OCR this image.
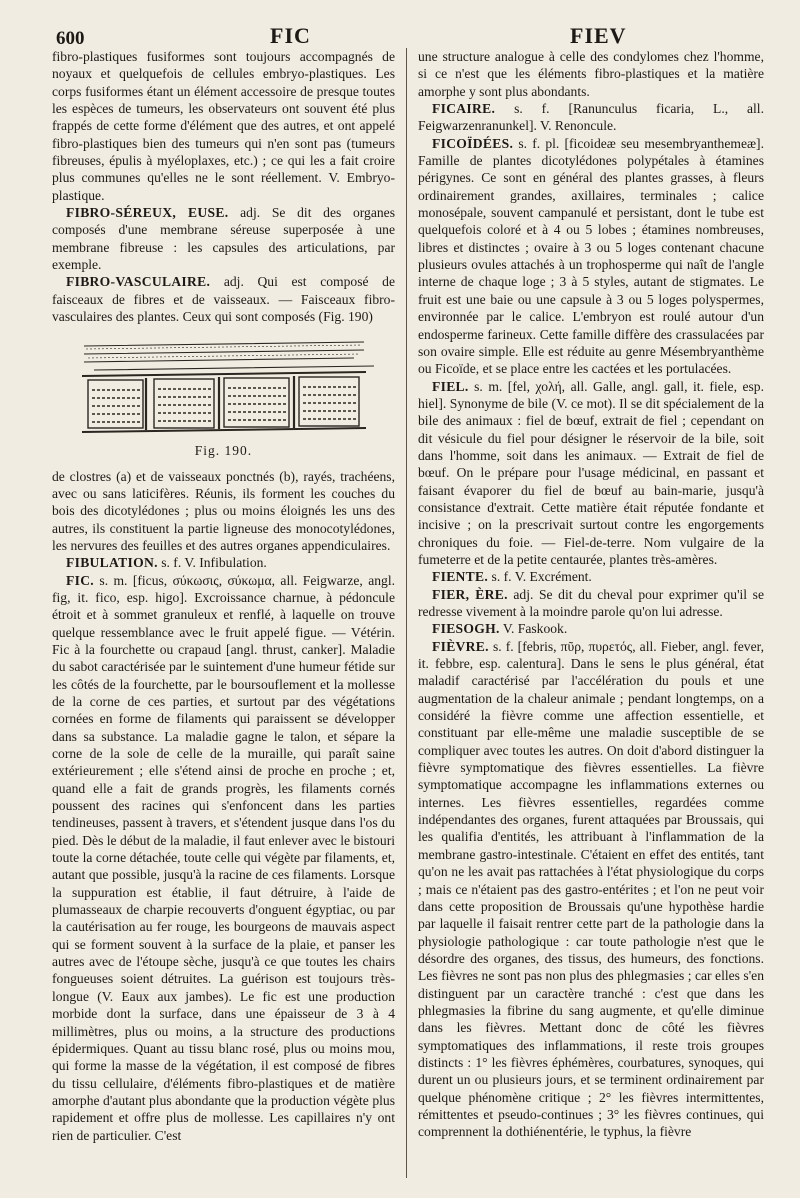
600	FIC	FIEV

fibro-plastiques fusiformes sont toujours accompagnés de noyaux et quelquefois de cellules embryo-plastiques. Les corps fusiformes étant un élément accessoire de presque toutes les espèces de tumeurs, les observateurs ont souvent été plus frappés de cette forme d'élément que des autres, et ont appelé fibro-plastiques bien des tumeurs qui n'en sont pas (tumeurs fibreuses, épulis à myéloplaxes, etc.) ; ce qui les a fait croire plus communes qu'elles ne le sont réellement. V. Embryo-plastique.

FIBRO-SÉREUX, EUSE. adj. Se dit des organes composés d'une membrane séreuse superposée à une membrane fibreuse : les capsules des articulations, par exemple.

FIBRO-VASCULAIRE. adj. Qui est composé de faisceaux de fibres et de vaisseaux. — Faisceaux fibro-vasculaires des plantes. Ceux qui sont composés (Fig. 190)

Fig. 190.

de clostres (a) et de vaisseaux ponctnés (b), rayés, trachéens, avec ou sans laticifères. Réunis, ils forment les couches du bois des dicotylédones ; plus ou moins éloignés les uns des autres, ils constituent la partie ligneuse des monocotylédones, les nervures des feuilles et des autres organes appendiculaires.

FIBULATION. s. f. V. Infibulation.

FIC. s. m. [ficus, σύκωσις, σύκωμα, all. Feigwarze, angl. fig, it. fico, esp. higo]. Excroissance charnue, à pédoncule étroit et à sommet granuleux et renflé, à laquelle on trouve quelque ressemblance avec le fruit appelé figue. — Vétérin. Fic à la fourchette ou crapaud [angl. thrust, canker]. Maladie du sabot caractérisée par le suintement d'une humeur fétide sur les côtés de la fourchette, par le boursouflement et la mollesse de la corne de ces parties, et surtout par des végétations cornées en forme de filaments qui paraissent se développer dans sa substance. La maladie gagne le talon, et sépare la corne de la sole de celle de la muraille, qui paraît saine extérieurement ; elle s'étend ainsi de proche en proche ; et, quand elle a fait de grands progrès, les filaments cornés poussent des racines qui s'enfoncent dans les parties tendineuses, passent à travers, et s'étendent jusque dans l'os du pied. Dès le début de la maladie, il faut enlever avec le bistouri toute la corne détachée, toute celle qui végète par filaments, et, autant que possible, jusqu'à la racine de ces filaments. Lorsque la suppuration est établie, il faut détruire, à l'aide de plumasseaux de charpie recouverts d'onguent égyptiac, ou par la cautérisation au fer rouge, les bourgeons de mauvais aspect qui se forment souvent à la surface de la plaie, et panser les autres avec de l'étoupe sèche, jusqu'à ce que toutes les chairs fongueuses soient détruites. La guérison est toujours très-longue (V. Eaux aux jambes). Le fic est une production morbide dont la surface, dans une épaisseur de 3 à 4 millimètres, plus ou moins, a la structure des productions épidermiques. Quant au tissu blanc rosé, plus ou moins mou, qui forme la masse de la végétation, il est composé de fibres du tissu cellulaire, d'éléments fibro-plastiques et de matière amorphe d'autant plus abondante que la production végète plus rapidement et offre plus de mollesse. Les capillaires n'y ont rien de particulier. C'est

une structure analogue à celle des condylomes chez l'homme, si ce n'est que les éléments fibro-plastiques et la matière amorphe y sont plus abondants.

FICAIRE. s. f. [Ranunculus ficaria, L., all. Feigwarzenranunkel]. V. Renoncule.

FICOÏDÉES. s. f. pl. [ficoideæ seu mesembryanthemeæ]. Famille de plantes dicotylédones polypétales à étamines périgynes. Ce sont en général des plantes grasses, à fleurs ordinairement grandes, axillaires, terminales ; calice monosépale, souvent campanulé et persistant, dont le tube est quelquefois coloré et à 4 ou 5 lobes ; étamines nombreuses, libres et distinctes ; ovaire à 3 ou 5 loges contenant chacune plusieurs ovules attachés à un trophosperme qui naît de l'angle interne de chaque loge ; 3 à 5 styles, autant de stigmates. Le fruit est une baie ou une capsule à 3 ou 5 loges polyspermes, environnée par le calice. L'embryon est roulé autour d'un endosperme farineux. Cette famille diffère des crassulacées par son ovaire simple. Elle est réduite au genre Mésembryanthème ou Ficoïde, et se place entre les cactées et les portulacées.

FIEL. s. m. [fel, χολή, all. Galle, angl. gall, it. fiele, esp. hiel]. Synonyme de bile (V. ce mot). Il se dit spécialement de la bile des animaux : fiel de bœuf, extrait de fiel ; cependant on dit vésicule du fiel pour désigner le réservoir de la bile, soit dans l'homme, soit dans les animaux. — Extrait de fiel de bœuf. On le prépare pour l'usage médicinal, en passant et faisant évaporer du fiel de bœuf au bain-marie, jusqu'à consistance d'extrait. Cette matière était réputée fondante et incisive ; on la prescrivait surtout contre les engorgements chroniques du foie. — Fiel-de-terre. Nom vulgaire de la fumeterre et de la petite centaurée, plantes très-amères.

FIENTE. s. f. V. Excrément.

FIER, ÈRE. adj. Se dit du cheval pour exprimer qu'il se redresse vivement à la moindre parole qu'on lui adresse.

FIESOGH. V. Faskook.

FIÈVRE. s. f. [febris, πῦρ, πυρετός, all. Fieber, angl. fever, it. febbre, esp. calentura]. Dans le sens le plus général, état maladif caractérisé par l'accélération du pouls et une augmentation de la chaleur animale ; pendant longtemps, on a considéré la fièvre comme une affection essentielle, et constituant par elle-même une maladie susceptible de se compliquer avec toutes les autres. On doit d'abord distinguer la fièvre symptomatique des fièvres essentielles. La fièvre symptomatique accompagne les inflammations externes ou internes. Les fièvres essentielles, regardées comme indépendantes des organes, furent attaquées par Broussais, qui les qualifia d'entités, les attribuant à l'inflammation de la membrane gastro-intestinale. C'étaient en effet des entités, tant qu'on ne les avait pas rattachées à l'état physiologique du corps ; mais ce n'étaient pas des gastro-entérites ; et l'on ne peut voir dans cette proposition de Broussais qu'une hypothèse hardie par laquelle il faisait rentrer cette part de la pathologie dans la physiologie pathologique : car toute pathologie n'est que le désordre des organes, des tissus, des humeurs, des fonctions. Les fièvres ne sont pas non plus des phlegmasies ; car elles s'en distinguent par un caractère tranché : c'est que dans les phlegmasies la fibrine du sang augmente, et qu'elle diminue dans les fièvres. Mettant donc de côté les fièvres symptomatiques des inflammations, il reste trois groupes distincts : 1° les fièvres éphémères, courbatures, synoques, qui durent un ou plusieurs jours, et se terminent ordinairement par quelque phénomène critique ; 2° les fièvres intermittentes, rémittentes et pseudo-continues ; 3° les fièvres continues, qui comprennent la dothiénentérie, le typhus, la fièvre
